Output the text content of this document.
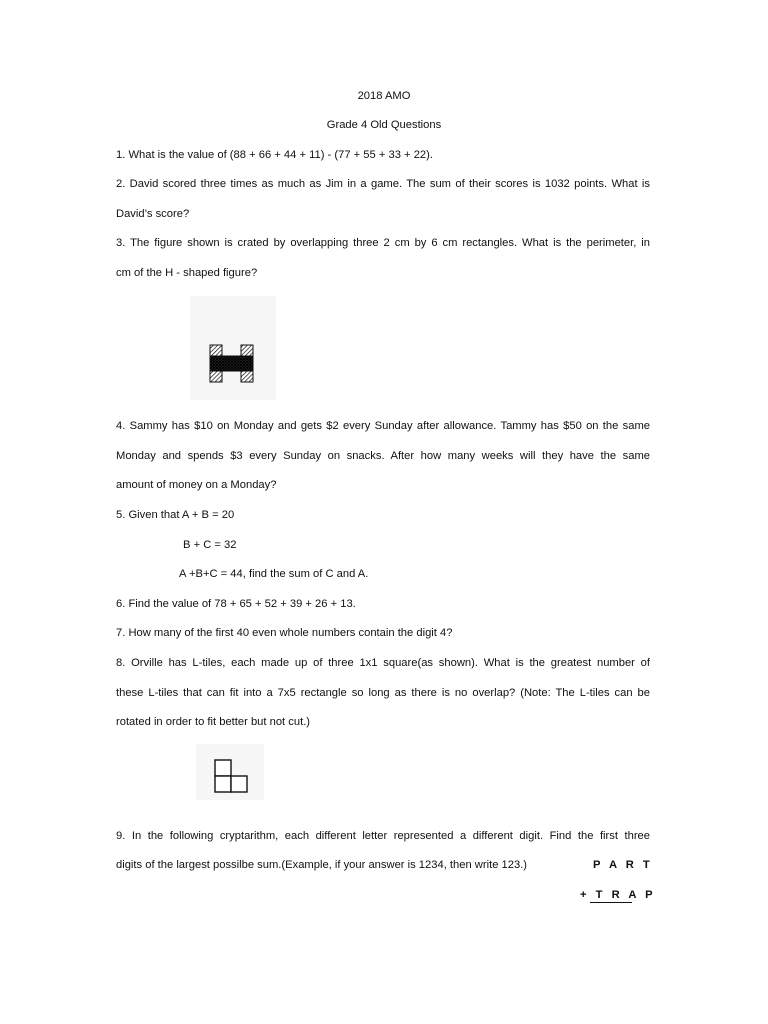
2018 AMO
Grade 4 Old Questions
1. What is the value of (88 + 66 + 44 + 11) - (77 + 55 + 33 + 22).
2. David scored three times as much as Jim in a game. The sum of their scores is 1032 points. What is
David’s score?
3. The figure shown is crated by overlapping three 2 cm by 6 cm rectangles. What is the perimeter, in
cm of the H - shaped figure?
4. Sammy has $10 on Monday and gets $2 every Sunday after allowance. Tammy has $50 on the same
Monday and spends $3 every Sunday on snacks. After how many weeks will they have the same
amount of money on a Monday?
5. Given that A + B = 20
B + C = 32
A +B+C = 44, find the sum of C and A.
6. Find the value of 78 + 65 + 52 + 39 + 26 + 13.
7. How many of the first 40 even whole numbers contain the digit 4?
8. Orville has L-tiles, each made up of three 1x1 square(as shown). What is the greatest number of
these L-tiles that can fit into a 7x5 rectangle so long as there is no overlap? (Note: The L-tiles can be
rotated in order to fit better but not cut.)
9. In the following cryptarithm, each different letter represented a different digit. Find the first three
digits of the largest possilbe sum.(Example, if your answer is 1234, then write 123.)	P A R T
+ T R A P
